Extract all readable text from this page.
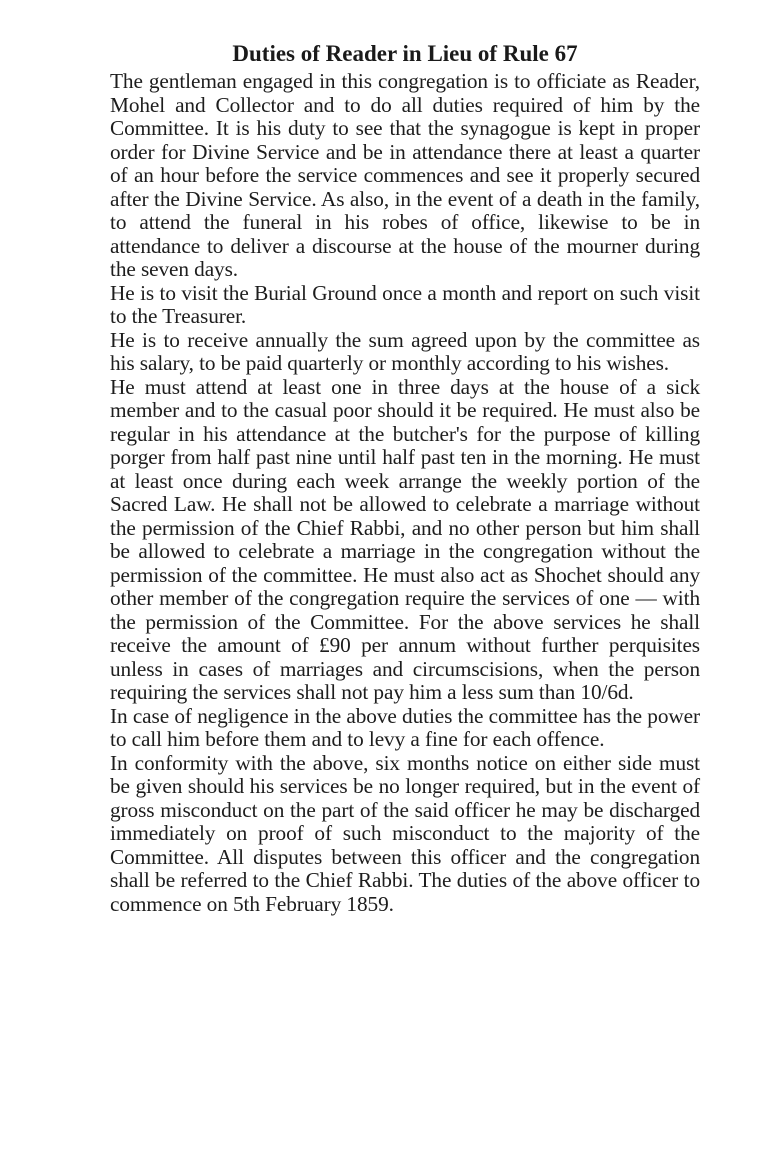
Duties of Reader in Lieu of Rule 67

The gentleman engaged in this congregation is to officiate as Reader, Mohel and Collector and to do all duties required of him by the Committee. It is his duty to see that the synagogue is kept in proper order for Divine Service and be in attendance there at least a quarter of an hour before the service commences and see it properly secured after the Divine Service. As also, in the event of a death in the family, to attend the funeral in his robes of office, likewise to be in attendance to deliver a discourse at the house of the mourner during the seven days.

He is to visit the Burial Ground once a month and report on such visit to the Treasurer.

He is to receive annually the sum agreed upon by the committee as his salary, to be paid quarterly or monthly according to his wishes.

He must attend at least one in three days at the house of a sick member and to the casual poor should it be required. He must also be regular in his attendance at the butcher's for the purpose of killing porger from half past nine until half past ten in the morning. He must at least once during each week arrange the weekly portion of the Sacred Law. He shall not be allowed to celebrate a marriage without the permission of the Chief Rabbi, and no other person but him shall be allowed to celebrate a marriage in the congregation without the permission of the committee. He must also act as Shochet should any other member of the congregation require the services of one — with the permission of the Committee. For the above services he shall receive the amount of £90 per annum without further perquisites unless in cases of marriages and circumscisions, when the person requiring the services shall not pay him a less sum than 10/6d.

In case of negligence in the above duties the committee has the power to call him before them and to levy a fine for each offence.

In conformity with the above, six months notice on either side must be given should his services be no longer required, but in the event of gross misconduct on the part of the said officer he may be discharged immediately on proof of such misconduct to the majority of the Committee. All disputes between this officer and the congregation shall be referred to the Chief Rabbi. The duties of the above officer to commence on 5th February 1859.
